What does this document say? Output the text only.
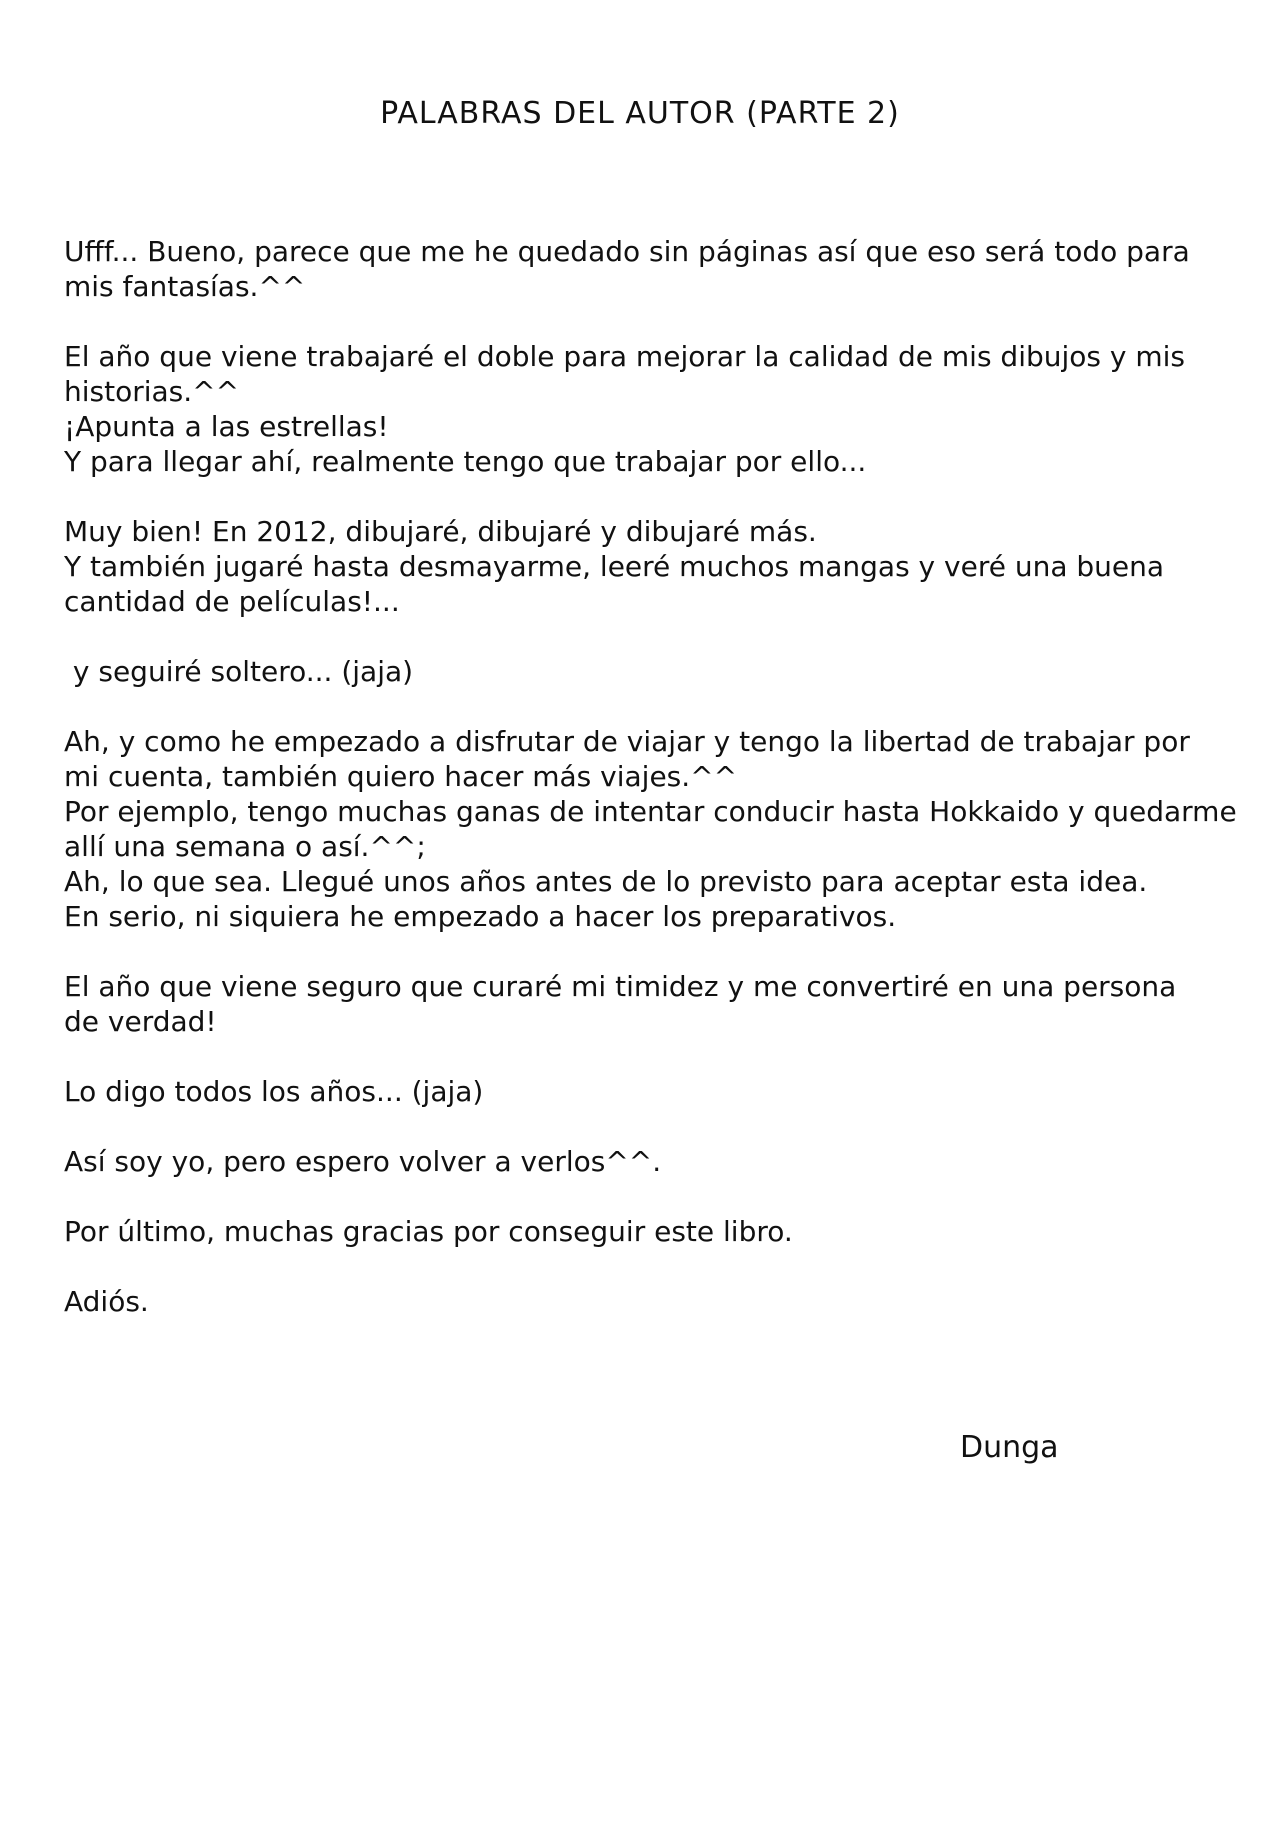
PALABRAS DEL AUTOR (PARTE 2)
Ufff... Bueno, parece que me he quedado sin páginas así que eso será todo para
mis fantasías.^^
El año que viene trabajaré el doble para mejorar la calidad de mis dibujos y mis
historias.^^
¡Apunta a las estrellas!
Y para llegar ahí, realmente tengo que trabajar por ello...
Muy bien! En 2012, dibujaré, dibujaré y dibujaré más.
Y también jugaré hasta desmayarme, leeré muchos mangas y veré una buena
cantidad de películas!...
y seguiré soltero... (jaja)
Ah, y como he empezado a disfrutar de viajar y tengo la libertad de trabajar por
mi cuenta, también quiero hacer más viajes.^^
Por ejemplo, tengo muchas ganas de intentar conducir hasta Hokkaido y quedarme
allí una semana o así.^^;
Ah, lo que sea. Llegué unos años antes de lo previsto para aceptar esta idea.
En serio, ni siquiera he empezado a hacer los preparativos.
El año que viene seguro que curaré mi timidez y me convertiré en una persona
de verdad!
Lo digo todos los años... (jaja)
Así soy yo, pero espero volver a verlos^^.
Por último, muchas gracias por conseguir este libro.
Adiós.
Dunga
